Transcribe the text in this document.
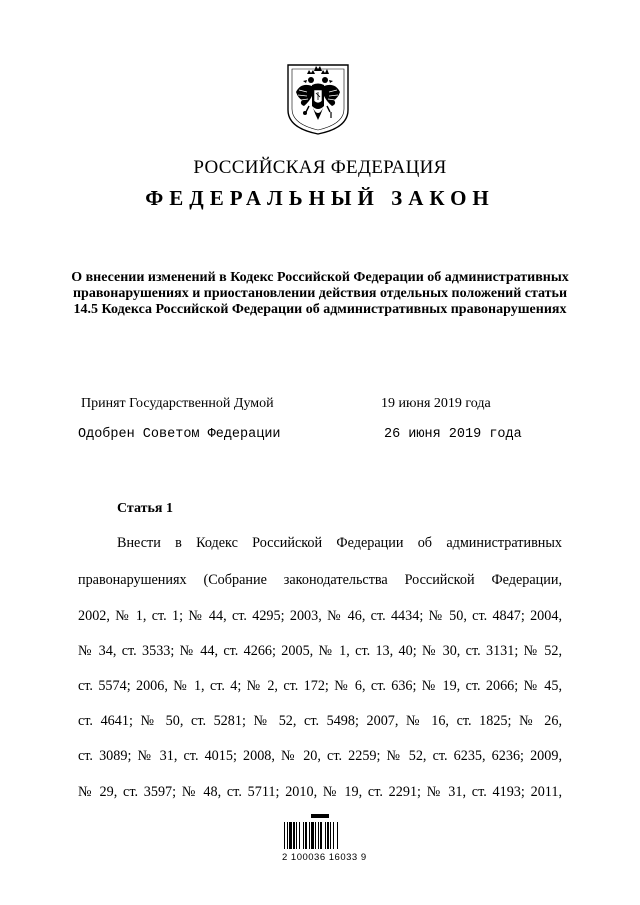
РОССИЙСКАЯ ФЕДЕРАЦИЯ
ФЕДЕРАЛЬНЫЙ ЗАКОН
О внесении изменений в Кодекс Российской Федерации об административных правонарушениях и приостановлении действия отдельных положений статьи 14.5 Кодекса Российской Федерации об административных правонарушениях
Принят Государственной Думой	19 июня 2019 года
Одобрен Советом Федерации	26 июня 2019 года
Статья 1
Внести в Кодекс Российской Федерации об административных
правонарушениях (Собрание законодательства Российской Федерации,
2002, № 1, ст. 1; № 44, ст. 4295; 2003, № 46, ст. 4434; № 50, ст. 4847; 2004,
№ 34, ст. 3533; № 44, ст. 4266; 2005, № 1, ст. 13, 40; № 30, ст. 3131; № 52,
ст. 5574; 2006, № 1, ст. 4; № 2, ст. 172; № 6, ст. 636; № 19, ст. 2066; № 45,
ст. 4641; № 50, ст. 5281; № 52, ст. 5498; 2007, № 16, ст. 1825; № 26,
ст. 3089; № 31, ст. 4015; 2008, № 20, ст. 2259; № 52, ст. 6235, 6236; 2009,
№ 29, ст. 3597; № 48, ст. 5711; 2010, № 19, ст. 2291; № 31, ст. 4193; 2011,
2 100036 16033 9
